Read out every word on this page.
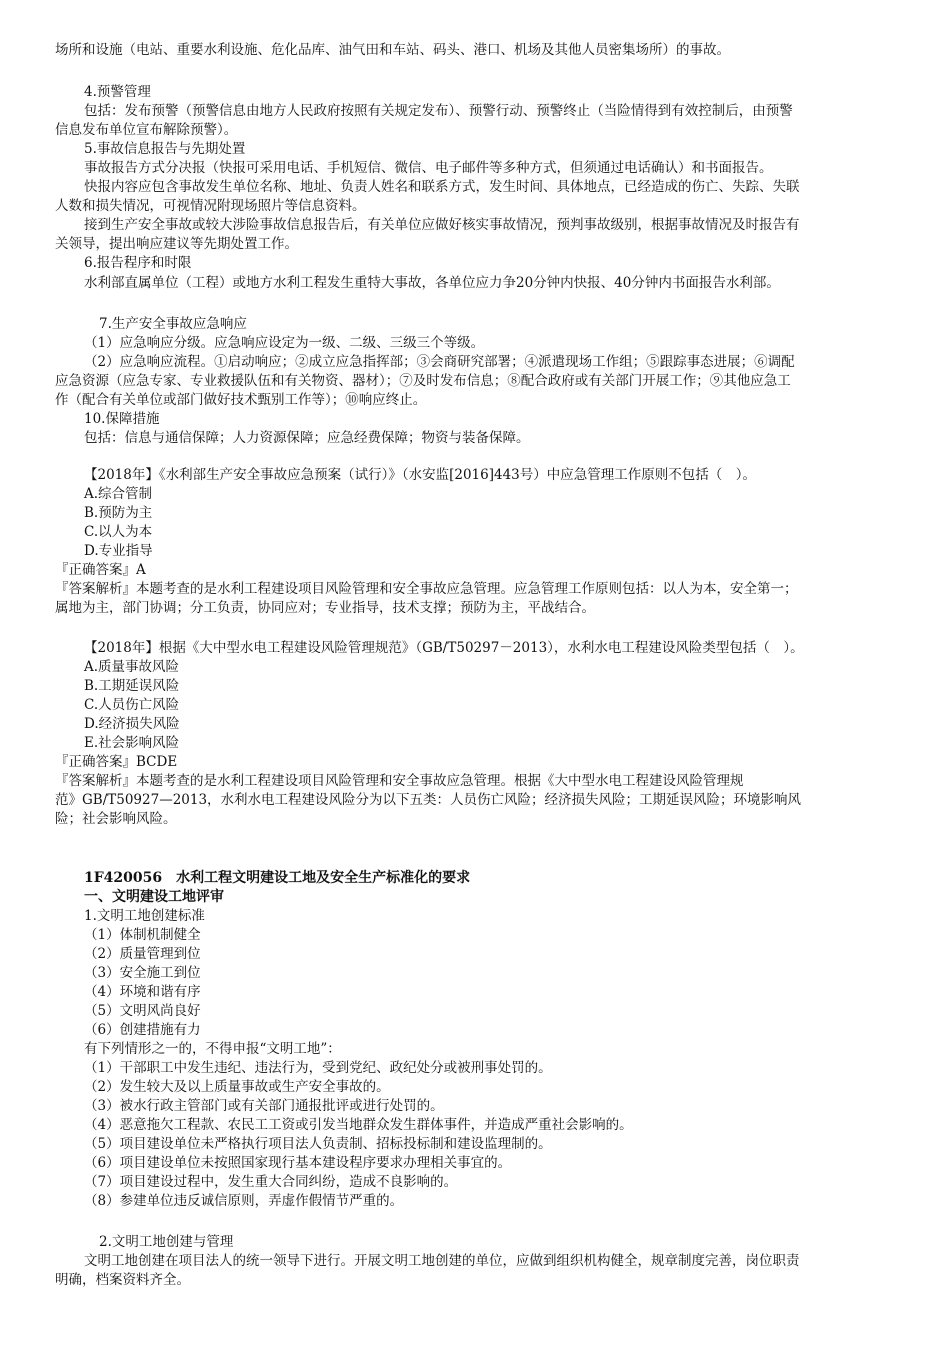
场所和设施（电站、重要水利设施、危化品库、油气田和车站、码头、港口、机场及其他人员密集场所）的事故。
4.预警管理
包括：发布预警（预警信息由地方人民政府按照有关规定发布）、预警行动、预警终止（当险情得到有效控制后，由预警
信息发布单位宣布解除预警）。
5.事故信息报告与先期处置
事故报告方式分决报（快报可采用电话、手机短信、微信、电子邮件等多种方式，但须通过电话确认）和书面报告。
快报内容应包含事故发生单位名称、地址、负责人姓名和联系方式，发生时间、具体地点，已经造成的伤亡、失踪、失联
人数和损失情况，可视情况附现场照片等信息资料。
接到生产安全事故或较大涉险事故信息报告后，有关单位应做好核实事故情况，预判事故级别，根据事故情况及时报告有
关领导，提出响应建议等先期处置工作。
6.报告程序和时限
水利部直属单位（工程）或地方水利工程发生重特大事故，各单位应力争20分钟内快报、40分钟内书面报告水利部。
7.生产安全事故应急响应
（1）应急响应分级。应急响应设定为一级、二级、三级三个等级。
（2）应急响应流程。①启动响应；②成立应急指挥部；③会商研究部署；④派遣现场工作组；⑤跟踪事态进展；⑥调配
应急资源（应急专家、专业救援队伍和有关物资、器材）；⑦及时发布信息；⑧配合政府或有关部门开展工作；⑨其他应急工
作（配合有关单位或部门做好技术甄别工作等）；⑩响应终止。
10.保障措施
包括：信息与通信保障；人力资源保障；应急经费保障；物资与装备保障。
【2018年】《水利部生产安全事故应急预案（试行）》（水安监[2016]443号）中应急管理工作原则不包括（　）。
A.综合管制
B.预防为主
C.以人为本
D.专业指导
『正确答案』A
『答案解析』本题考查的是水利工程建设项目风险管理和安全事故应急管理。应急管理工作原则包括：以人为本，安全第一；
属地为主，部门协调；分工负责，协同应对；专业指导，技术支撑；预防为主，平战结合。
【2018年】根据《大中型水电工程建设风险管理规范》（GB/T50297－2013），水利水电工程建设风险类型包括（　）。
A.质量事故风险
B.工期延误风险
C.人员伤亡风险
D.经济损失风险
E.社会影响风险
『正确答案』BCDE
『答案解析』本题考查的是水利工程建设项目风险管理和安全事故应急管理。根据《大中型水电工程建设风险管理规
范》GB/T50927—2013，水利水电工程建设风险分为以下五类：人员伤亡风险；经济损失风险；工期延误风险；环境影响风
险；社会影响风险。
1F420056　水利工程文明建设工地及安全生产标准化的要求
一、文明建设工地评审
1.文明工地创建标准
（1）体制机制健全
（2）质量管理到位
（3）安全施工到位
（4）环境和谐有序
（5）文明风尚良好
（6）创建措施有力
有下列情形之一的，不得申报“文明工地”：
（1）干部职工中发生违纪、违法行为，受到党纪、政纪处分或被刑事处罚的。
（2）发生较大及以上质量事故或生产安全事故的。
（3）被水行政主管部门或有关部门通报批评或进行处罚的。
（4）恶意拖欠工程款、农民工工资或引发当地群众发生群体事件，并造成严重社会影响的。
（5）项目建设单位未严格执行项目法人负责制、招标投标制和建设监理制的。
（6）项目建设单位未按照国家现行基本建设程序要求办理相关事宜的。
（7）项目建设过程中，发生重大合同纠纷，造成不良影响的。
（8）参建单位违反诚信原则，弄虚作假情节严重的。
2.文明工地创建与管理
文明工地创建在项目法人的统一领导下进行。开展文明工地创建的单位，应做到组织机构健全，规章制度完善，岗位职责
明确，档案资料齐全。
